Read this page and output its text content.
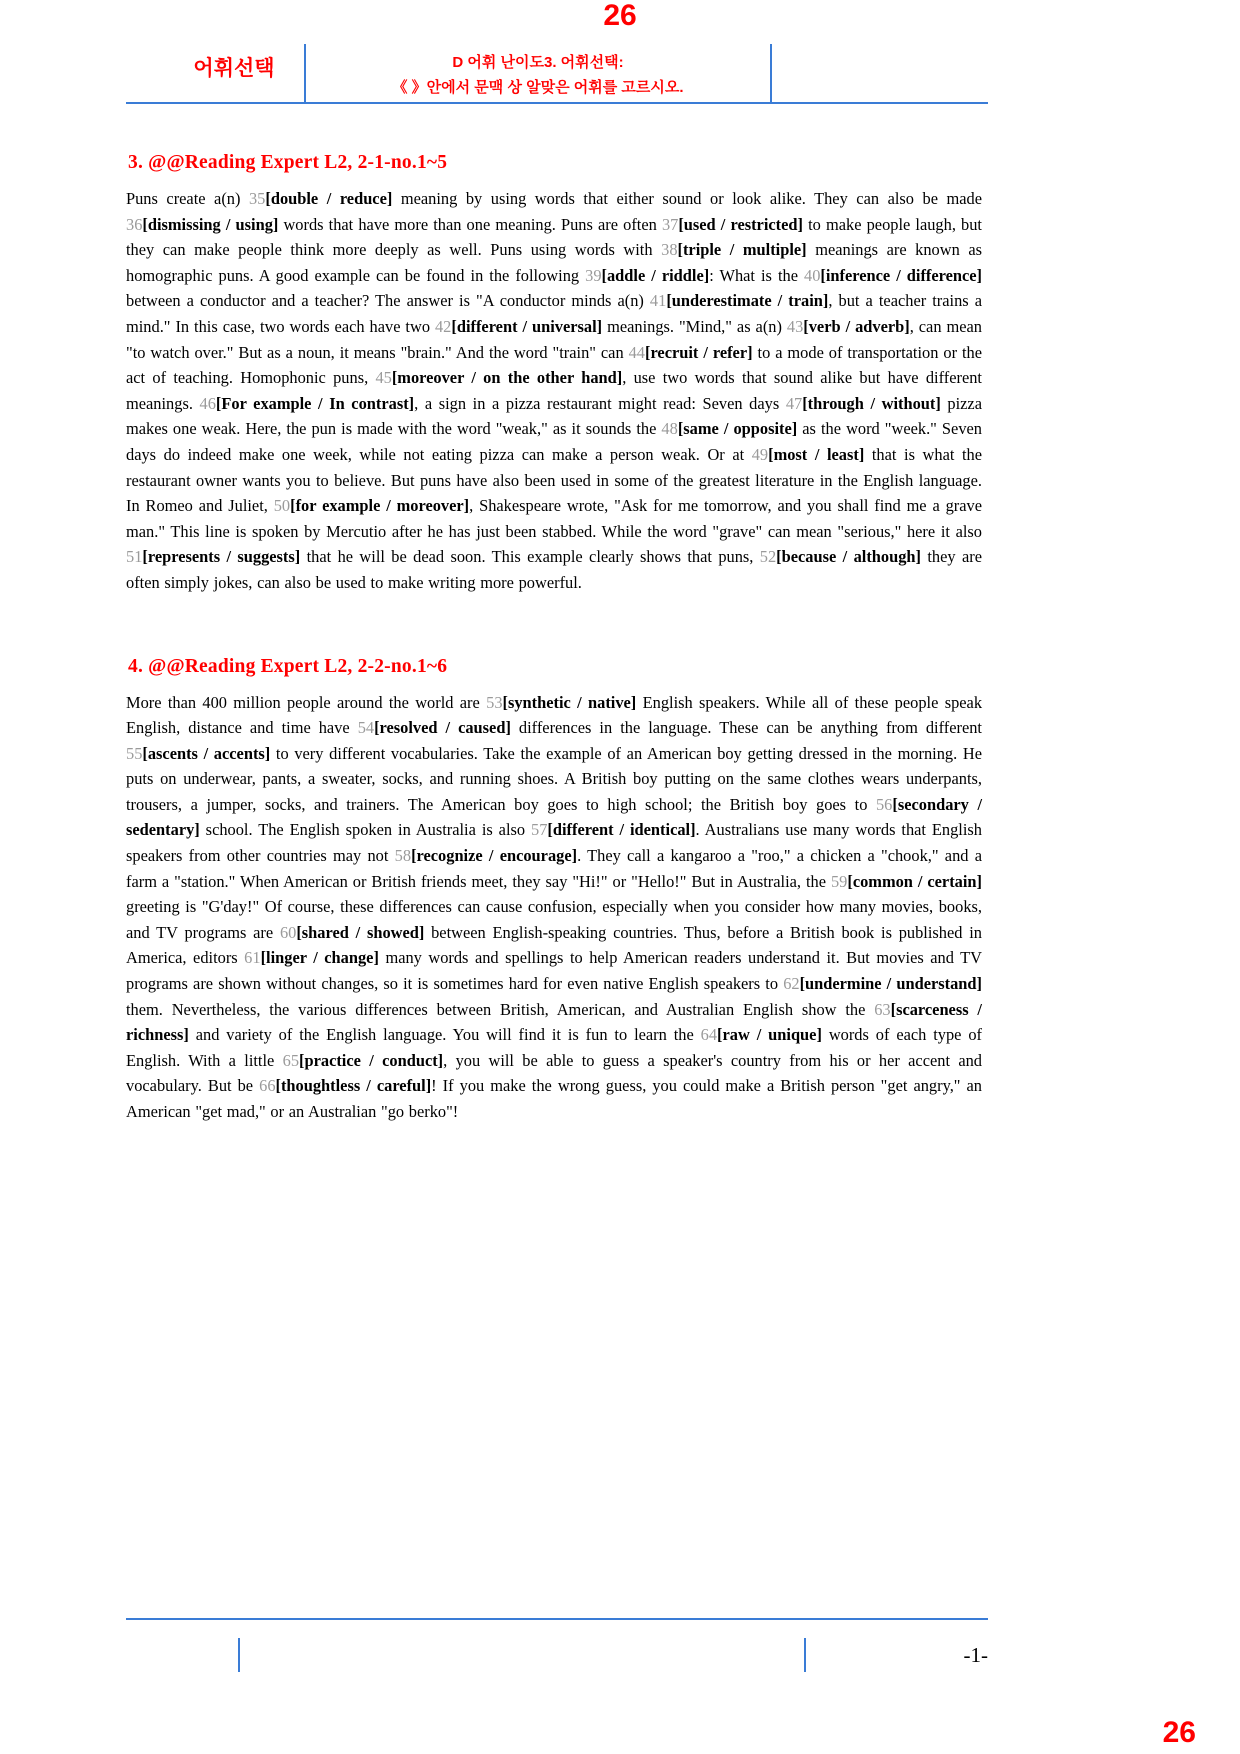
26
어휘선택	D 어휘 난이도3. 어휘선택:
《 》안에서 문맥 상 알맞은 어휘를 고르시오.
3. @@Reading Expert L2, 2-1-no.1~5

Puns create a(n) 35[double / reduce] meaning by using words that either sound or look alike. They can also be made 36[dismissing / using] words that have more than one meaning. Puns are often 37[used / restricted] to make people laugh, but they can make people think more deeply as well. Puns using words with 38[triple / multiple] meanings are known as homographic puns. A good example can be found in the following 39[addle / riddle]: What is the 40[inference / difference] between a conductor and a teacher? The answer is "A conductor minds a(n) 41[underestimate / train], but a teacher trains a mind." In this case, two words each have two 42[different / universal] meanings. "Mind," as a(n) 43[verb / adverb], can mean "to watch over." But as a noun, it means "brain." And the word "train" can 44[recruit / refer] to a mode of transportation or the act of teaching. Homophonic puns, 45[moreover / on the other hand], use two words that sound alike but have different meanings. 46[For example / In contrast], a sign in a pizza restaurant might read: Seven days 47[through / without] pizza makes one weak. Here, the pun is made with the word "weak," as it sounds the 48[same / opposite] as the word "week." Seven days do indeed make one week, while not eating pizza can make a person weak. Or at 49[most / least] that is what the restaurant owner wants you to believe. But puns have also been used in some of the greatest literature in the English language. In Romeo and Juliet, 50[for example / moreover], Shakespeare wrote, "Ask for me tomorrow, and you shall find me a grave man." This line is spoken by Mercutio after he has just been stabbed. While the word "grave" can mean "serious," here it also 51[represents / suggests] that he will be dead soon. This example clearly shows that puns, 52[because / although] they are often simply jokes, can also be used to make writing more powerful.

4. @@Reading Expert L2, 2-2-no.1~6

More than 400 million people around the world are 53[synthetic / native] English speakers. While all of these people speak English, distance and time have 54[resolved / caused] differences in the language. These can be anything from different 55[ascents / accents] to very different vocabularies. Take the example of an American boy getting dressed in the morning. He puts on underwear, pants, a sweater, socks, and running shoes. A British boy putting on the same clothes wears underpants, trousers, a jumper, socks, and trainers. The American boy goes to high school; the British boy goes to 56[secondary / sedentary] school. The English spoken in Australia is also 57[different / identical]. Australians use many words that English speakers from other countries may not 58[recognize / encourage]. They call a kangaroo a "roo," a chicken a "chook," and a farm a "station." When American or British friends meet, they say "Hi!" or "Hello!" But in Australia, the 59[common / certain] greeting is "G'day!" Of course, these differences can cause confusion, especially when you consider how many movies, books, and TV programs are 60[shared / showed] between English-speaking countries. Thus, before a British book is published in America, editors 61[linger / change] many words and spellings to help American readers understand it. But movies and TV programs are shown without changes, so it is sometimes hard for even native English speakers to 62[undermine / understand] them. Nevertheless, the various differences between British, American, and Australian English show the 63[scarceness / richness] and variety of the English language. You will find it is fun to learn the 64[raw / unique] words of each type of English. With a little 65[practice / conduct], you will be able to guess a speaker's country from his or her accent and vocabulary. But be 66[thoughtless / careful]! If you make the wrong guess, you could make a British person "get angry," an American "get mad," or an Australian "go berko"!

-1-
26
